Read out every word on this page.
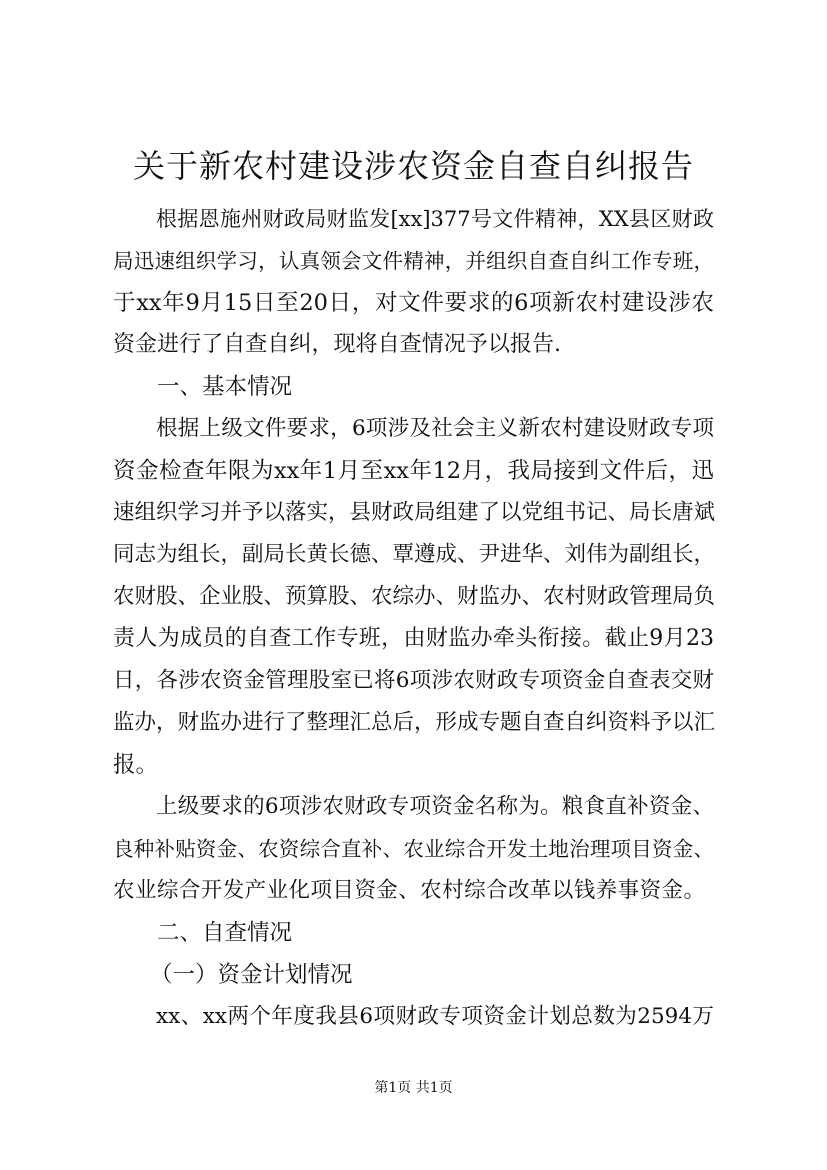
关于新农村建设涉农资金自查自纠报告
根据恩施州财政局财监发[xx]377号文件精神，XX县区财政
局迅速组织学习，认真领会文件精神，并组织自查自纠工作专班，
于xx年9月15日至20日，对文件要求的6项新农村建设涉农
资金进行了自查自纠，现将自查情况予以报告.
一、基本情况
根据上级文件要求，6项涉及社会主义新农村建设财政专项
资金检查年限为xx年1月至xx年12月，我局接到文件后，迅
速组织学习并予以落实，县财政局组建了以党组书记、局长唐斌
同志为组长，副局长黄长德、覃遵成、尹进华、刘伟为副组长，
农财股、企业股、预算股、农综办、财监办、农村财政管理局负
责人为成员的自查工作专班，由财监办牵头衔接。截止9月23
日，各涉农资金管理股室已将6项涉农财政专项资金自查表交财
监办，财监办进行了整理汇总后，形成专题自查自纠资料予以汇
报。
上级要求的6项涉农财政专项资金名称为。粮食直补资金、
良种补贴资金、农资综合直补、农业综合开发土地治理项目资金、
农业综合开发产业化项目资金、农村综合改革以钱养事资金。
二、自查情况
（一）资金计划情况
xx、xx两个年度我县6项财政专项资金计划总数为2594万
第1页 共1页
